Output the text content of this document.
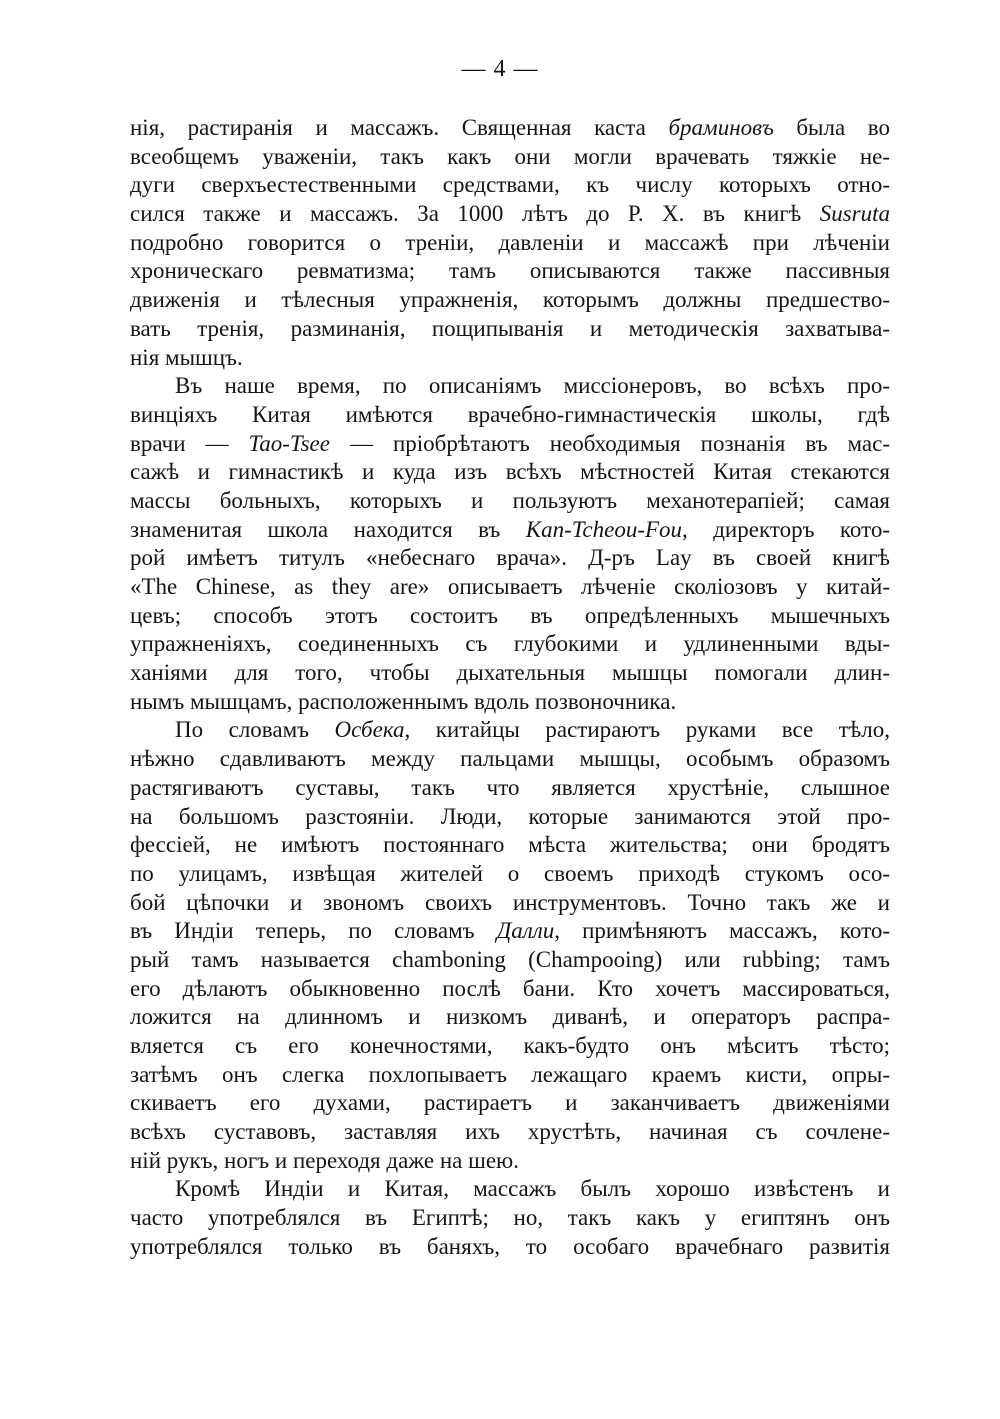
— 4 —
нія, растиранія и массажъ. Священная каста браминовъ была во
всеобщемъ уваженіи, такъ какъ они могли врачевать тяжкіе не-
дуги сверхъестественными средствами, къ числу которыхъ отно-
сился также и массажъ. За 1000 лѣтъ до Р. X. въ книгѣ Susruta
подробно говорится о треніи, давленіи и массажѣ при лѣченіи
хроническаго ревматизма; тамъ описываются также пассивныя
движенія и тѣлесныя упражненія, которымъ должны предшество-
вать тренія, разминанія, пощипыванія и методическія захватыва-
нія мышцъ.
Въ наше время, по описаніямъ миссіонеровъ, во всѣхъ про-
винціяхъ Китая имѣются врачебно-гимнастическія школы, гдѣ
врачи — Tao-Tsee — пріобрѣтаютъ необходимыя познанія въ мас-
сажѣ и гимнастикѣ и куда изъ всѣхъ мѣстностей Китая стекаются
массы больныхъ, которыхъ и пользуютъ механотерапіей; самая
знаменитая школа находится въ Kan-Tcheou-Fou, директоръ кото-
рой имѣетъ титулъ «небеснаго врача». Д-ръ Lay въ своей книгѣ
«The Chinese, as they are» описываетъ лѣченіе сколіозовъ у китай-
цевъ; способъ этотъ состоитъ въ опредѣленныхъ мышечныхъ
упражненіяхъ, соединенныхъ съ глубокими и удлиненными вды-
ханіями для того, чтобы дыхательныя мышцы помогали длин-
нымъ мышцамъ, расположеннымъ вдоль позвоночника.
По словамъ Осбека, китайцы растираютъ руками все тѣло,
нѣжно сдавливаютъ между пальцами мышцы, особымъ образомъ
растягиваютъ суставы, такъ что является хрустѣніе, слышное
на большомъ разстояніи. Люди, которые занимаются этой про-
фессіей, не имѣютъ постояннаго мѣста жительства; они бродятъ
по улицамъ, извѣщая жителей о своемъ приходѣ стукомъ осо-
бой цѣпочки и звономъ своихъ инструментовъ. Точно такъ же и
въ Индіи теперь, по словамъ Далли, примѣняютъ массажъ, кото-
рый тамъ называется chamboning (Champooing) или rubbing; тамъ
его дѣлаютъ обыкновенно послѣ бани. Кто хочетъ массироваться,
ложится на длинномъ и низкомъ диванѣ, и операторъ распра-
вляется съ его конечностями, какъ-будто онъ мѣситъ тѣсто;
затѣмъ онъ слегка похлопываетъ лежащаго краемъ кисти, опры-
скиваетъ его духами, растираетъ и заканчиваетъ движеніями
всѣхъ суставовъ, заставляя ихъ хрустѣть, начиная съ сочлене-
ній рукъ, ногъ и переходя даже на шею.
Кромѣ Индіи и Китая, массажъ былъ хорошо извѣстенъ и
часто употреблялся въ Египтѣ; но, такъ какъ у египтянъ онъ
употреблялся только въ баняхъ, то особаго врачебнаго развитія
